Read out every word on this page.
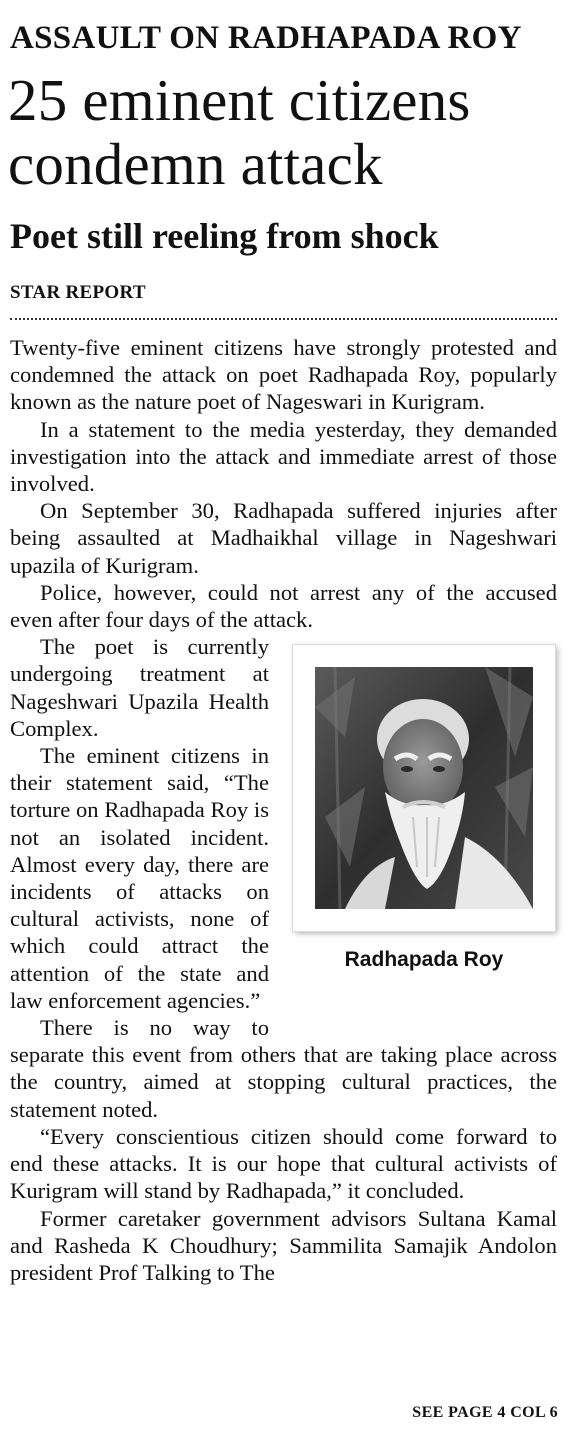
ASSAULT ON RADHAPADA ROY
25 eminent citizens
condemn attack
Poet still reeling from shock
STAR REPORT

Twenty-five eminent citizens have strongly protested and condemned the attack on poet Radhapada Roy, popularly known as the nature poet of Nageswari in Kurigram.

In a statement to the media yesterday, they demanded investigation into the attack and immediate arrest of those involved.

On September 30, Radhapada suffered injuries after being assaulted at Madhaikhal village in Nageshwari upazila of Kurigram.

Police, however, could not arrest any of the accused even after four days of the attack.

Radhapada Roy

The poet is currently undergoing treatment at Nageshwari Upazila Health Complex.

The eminent citizens in their statement said, “The torture on Radhapada Roy is not an isolated incident. Almost every day, there are incidents of attacks on cultural activists, none of which could attract the attention of the state and law enforcement agencies.”

There is no way to separate this event from others that are taking place across the country, aimed at stopping cultural practices, the statement noted.

“Every conscientious citizen should come forward to end these attacks. It is our hope that cultural activists of Kurigram will stand by Radhapada,” it concluded.

Former caretaker government advisors Sultana Kamal and Rasheda K Choudhury; Sammilita Samajik Andolon president Prof Talking to The

SEE PAGE 4 COL 6
